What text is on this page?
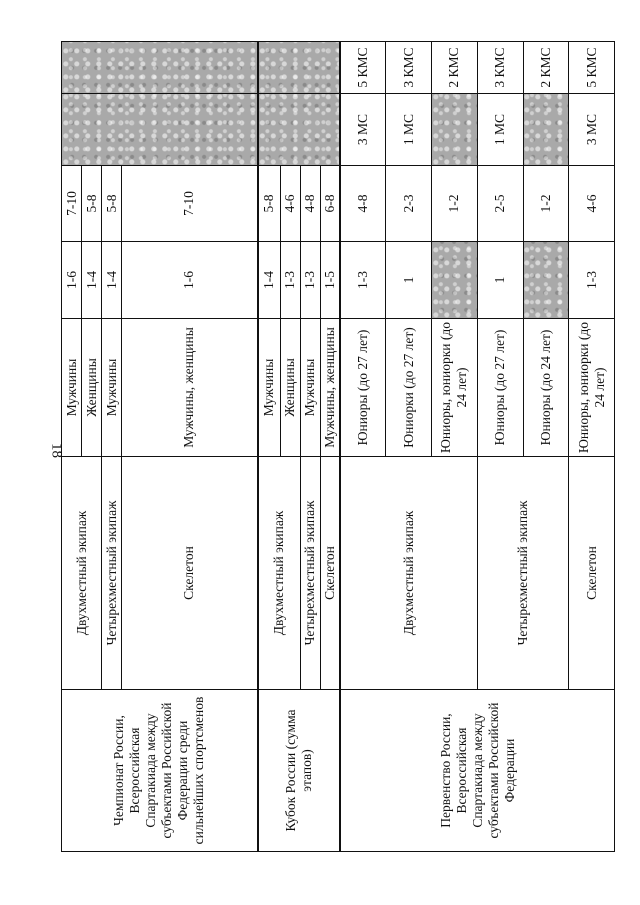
18
Чемпионат России, Всероссийская Спартакиада между субъектами Российской Федерации среди сильнейших спортсменов	Двухместный экипаж	Мужчины	1-6	7-10		
		Женщины	1-4	5-8		
	Четырехместный экипаж	Мужчины	1-4	5-8		
	Скелетон	Мужчины, женщины	1-6	7-10		
Кубок России (сумма этапов)	Двухместный экипаж	Мужчины	1-4	5-8		
		Женщины	1-3	4-6		
	Четырехместный экипаж	Мужчины	1-3	4-8		
	Скелетон	Мужчины, женщины	1-5	6-8		
Первенство России, Всероссийская Спартакиада между субъектами Российской Федерации	Двухместный экипаж	Юниоры (до 27 лет)	1-3	4-8	3 МС	5 КМС
		Юниорки (до 27 лет)	1	2-3	1 МС	3 КМС
		Юниоры, юниорки (до 24 лет)		1-2		2 КМС
	Четырехместный экипаж	Юниоры (до 27 лет)	1	2-5	1 МС	3 КМС
		Юниоры (до 24 лет)		1-2		2 КМС
	Скелетон	Юниоры, юниорки (до 24 лет)	1-3	4-6	3 МС	5 КМС
